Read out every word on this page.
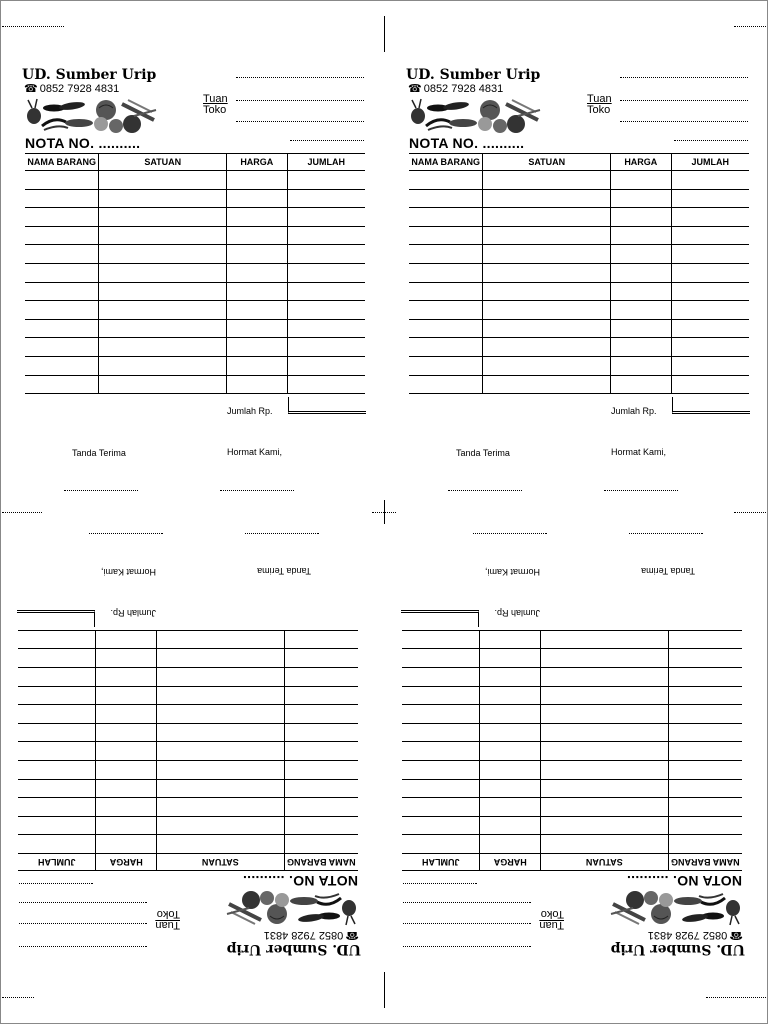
UD. Sumber Urip
☎ 0852 7928 4831
Tuan
Toko
NOTA NO. ..........
NAMA BARANG	SATUAN	HARGA	JUMLAH

Jumlah Rp.
Tanda Terima	Hormat Kami,
UD. Sumber Urip
☎ 0852 7928 4831
Tuan
Toko
NOTA NO. ..........
NAMA BARANG	SATUAN	HARGA	JUMLAH

Jumlah Rp.
Tanda Terima	Hormat Kami,
UD. Sumber Urip
☎0852 7928 4831
Tuan
Toko
NOTA NO. ..........
NAMA BARANG	SATUAN	HARGA	JUMLAH

Jumlah Rp.
Tanda Terima
Hormat Kami,
UD. Sumber Urip
☎0852 7928 4831
Tuan
Toko
NOTA NO. ..........
NAMA BARANG	SATUAN	HARGA	JUMLAH

Jumlah Rp.
Tanda Terima
Hormat Kami,
